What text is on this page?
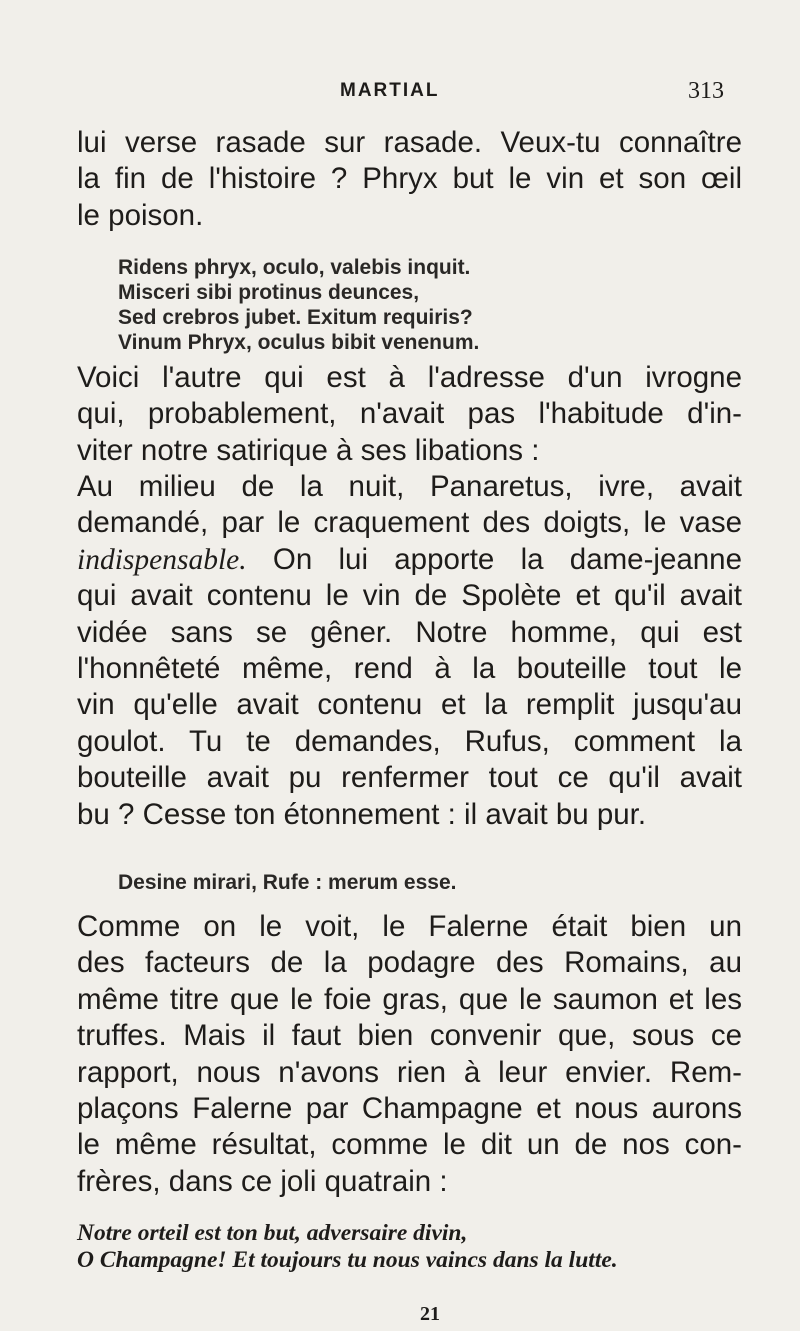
MARTIAL	313
lui verse rasade sur rasade. Veux-tu connaître
la fin de l'histoire ? Phryx but le vin et son œil
le poison.
Ridens phryx, oculo, valebis inquit.
Misceri sibi protinus deunces,
Sed crebros jubet. Exitum requiris?
Vinum Phryx, oculus bibit venenum.
Voici l'autre qui est à l'adresse d'un ivrogne
qui, probablement, n'avait pas l'habitude d'in-
viter notre satirique à ses libations :
Au milieu de la nuit, Panaretus, ivre, avait
demandé, par le craquement des doigts, le vase
indispensable. On lui apporte la dame-jeanne
qui avait contenu le vin de Spolète et qu'il avait
vidée sans se gêner. Notre homme, qui est
l'honnêteté même, rend à la bouteille tout le
vin qu'elle avait contenu et la remplit jusqu'au
goulot. Tu te demandes, Rufus, comment la
bouteille avait pu renfermer tout ce qu'il avait
bu ? Cesse ton étonnement : il avait bu pur.
Desine mirari, Rufe : merum esse.
Comme on le voit, le Falerne était bien un
des facteurs de la podagre des Romains, au
même titre que le foie gras, que le saumon et les
truffes. Mais il faut bien convenir que, sous ce
rapport, nous n'avons rien à leur envier. Rem-
plaçons Falerne par Champagne et nous aurons
le même résultat, comme le dit un de nos con-
frères, dans ce joli quatrain :
Notre orteil est ton but, adversaire divin,
O Champagne! Et toujours tu nous vaincs dans la lutte.
21
